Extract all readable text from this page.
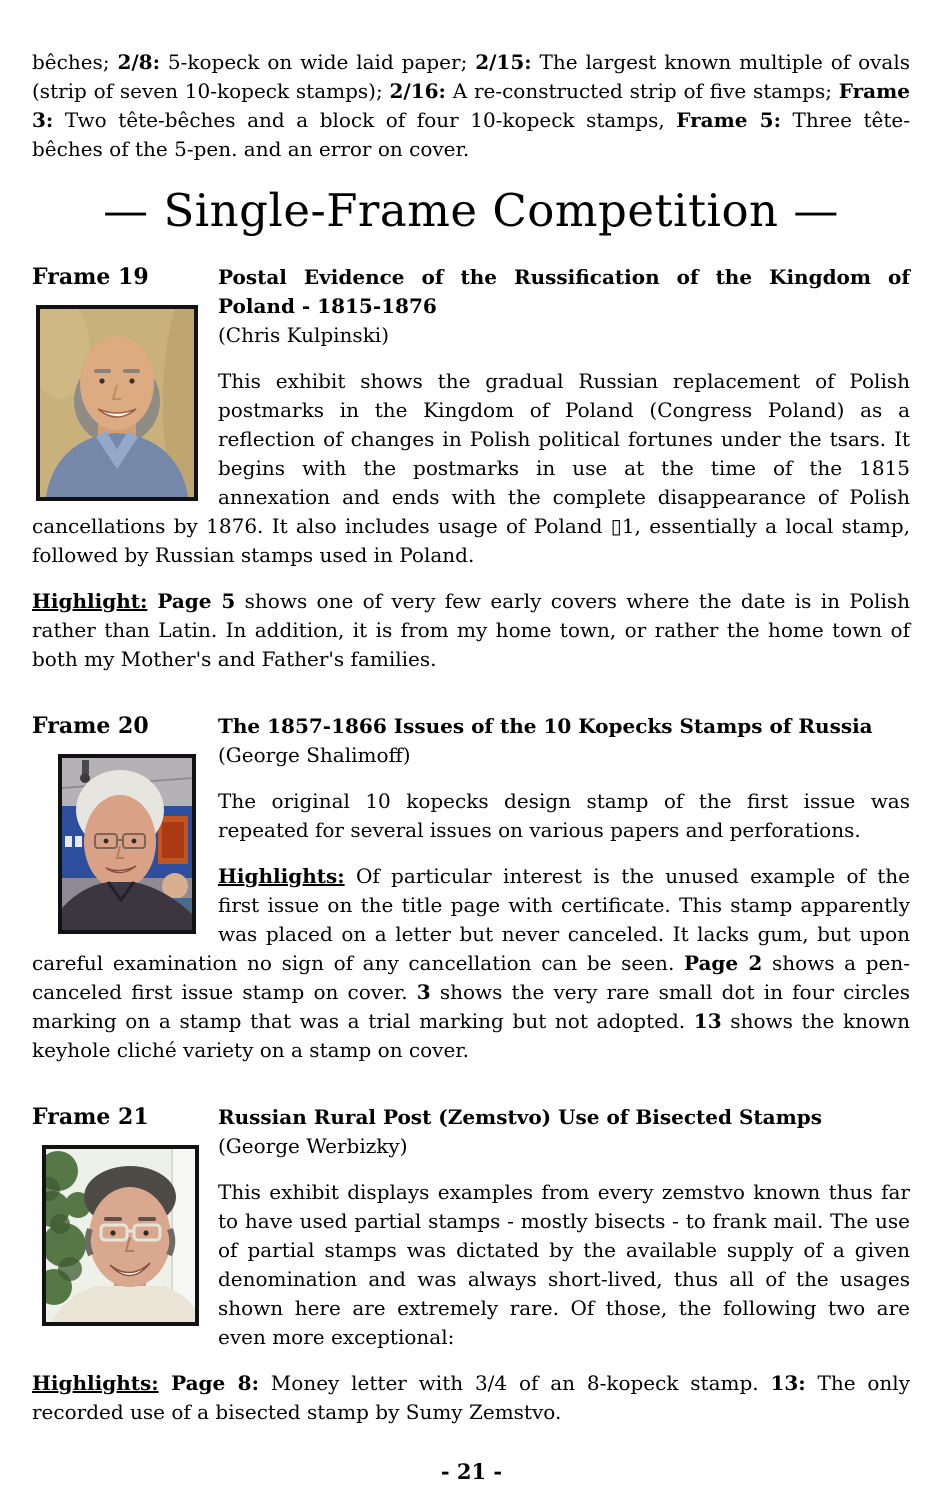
bêches; 2/8: 5-kopeck on wide laid paper; 2/15: The largest known multiple of ovals (strip of seven 10-kopeck stamps); 2/16: A re-constructed strip of five stamps; Frame 3: Two tête-bêches and a block of four 10-kopeck stamps, Frame 5: Three tête-bêches of the 5-pen. and an error on cover.

— Single-Frame Competition —
Frame 19	Postal Evidence of the Russification of the Kingdom of Poland - 1815-1876
(Chris Kulpinski)

This exhibit shows the gradual Russian replacement of Polish postmarks in the Kingdom of Poland (Congress Poland) as a reflection of changes in Polish political fortunes under the tsars. It begins with the postmarks in use at the time of the 1815 annexation and ends with the complete disappearance of Polish cancellations by 1876. It also includes usage of Poland ▯1, essentially a local stamp, followed by Russian stamps used in Poland.

Highlight: Page 5 shows one of very few early covers where the date is in Polish rather than Latin. In addition, it is from my home town, or rather the home town of both my Mother's and Father's families.

Frame 20	The 1857-1866 Issues of the 10 Kopecks Stamps of Russia
(George Shalimoff)

The original 10 kopecks design stamp of the first issue was repeated for several issues on various papers and perforations.

Highlights: Of particular interest is the unused example of the first issue on the title page with certificate. This stamp apparently was placed on a letter but never canceled. It lacks gum, but upon careful examination no sign of any cancellation can be seen. Page 2 shows a pen-canceled first issue stamp on cover. 3 shows the very rare small dot in four circles marking on a stamp that was a trial marking but not adopted. 13 shows the known keyhole cliché variety on a stamp on cover.

Frame 21	Russian Rural Post (Zemstvo) Use of Bisected Stamps
(George Werbizky)

This exhibit displays examples from every zemstvo known thus far to have used partial stamps - mostly bisects - to frank mail. The use of partial stamps was dictated by the available supply of a given denomination and was always short-lived, thus all of the usages shown here are extremely rare. Of those, the following two are even more exceptional:

Highlights: Page 8: Money letter with 3/4 of an 8-kopeck stamp. 13: The only recorded use of a bisected stamp by Sumy Zemstvo.

- 21 -
